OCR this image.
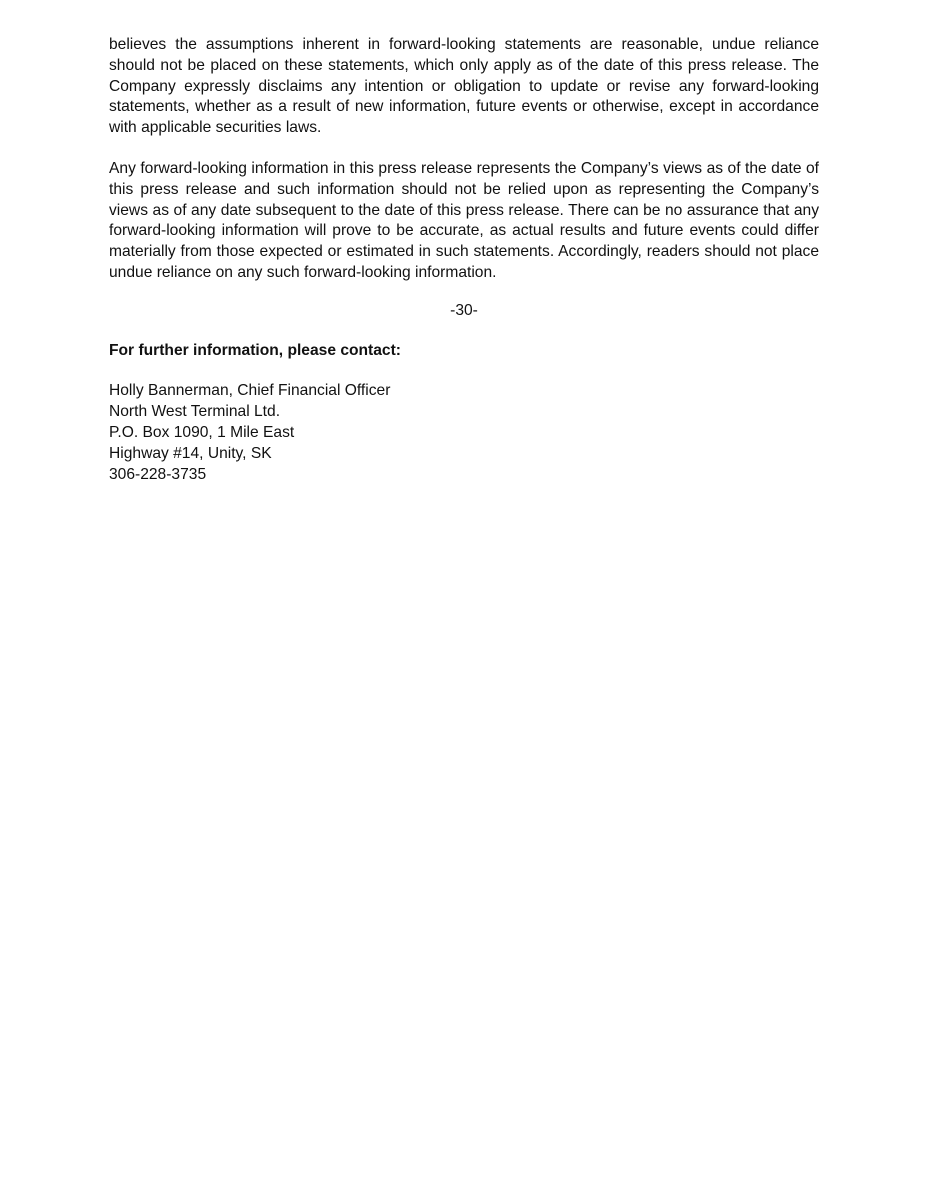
believes the assumptions inherent in forward-looking statements are reasonable, undue reliance should not be placed on these statements, which only apply as of the date of this press release. The Company expressly disclaims any intention or obligation to update or revise any forward-looking statements, whether as a result of new information, future events or otherwise, except in accordance with applicable securities laws.

Any forward-looking information in this press release represents the Company’s views as of the date of this press release and such information should not be relied upon as representing the Company’s views as of any date subsequent to the date of this press release. There can be no assurance that any forward-looking information will prove to be accurate, as actual results and future events could differ materially from those expected or estimated in such statements. Accordingly, readers should not place undue reliance on any such forward-looking information.

-30-

For further information, please contact:

Holly Bannerman, Chief Financial Officer
North West Terminal Ltd.
P.O. Box 1090, 1 Mile East
Highway #14, Unity, SK
306-228-3735
